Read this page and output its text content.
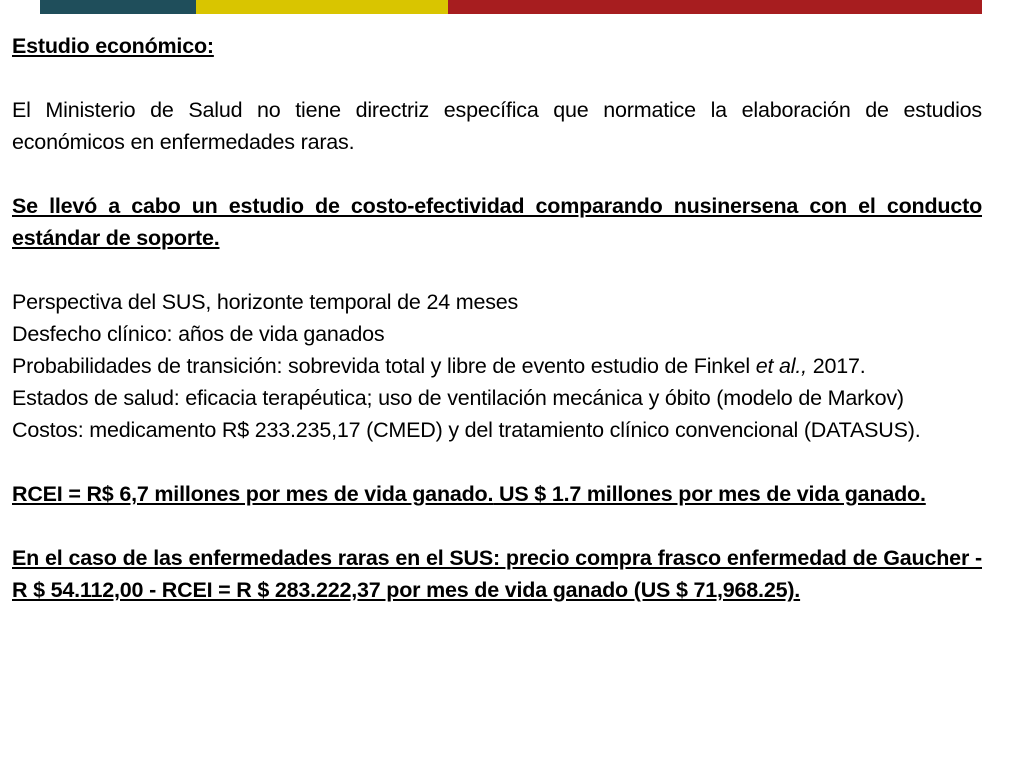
Estudio económico:

El Ministerio de Salud no tiene directriz específica que normatice la elaboración de estudios económicos en enfermedades raras.

Se llevó a cabo un estudio de costo-efectividad comparando nusinersena con el conducto estándar de soporte.

Perspectiva del SUS, horizonte temporal de 24 meses

Desfecho clínico: años de vida ganados

Probabilidades de transición: sobrevida total y libre de evento estudio de Finkel et al., 2017.

Estados de salud: eficacia terapéutica; uso de ventilación mecánica y óbito (modelo de Markov)

Costos: medicamento R$ 233.235,17 (CMED) y del tratamiento clínico convencional (DATASUS).

RCEI = R$ 6,7 millones por mes de vida ganado. US $ 1.7 millones por mes de vida ganado.

En el caso de las enfermedades raras en el SUS: precio compra frasco enfermedad de Gaucher - R $ 54.112,00 - RCEI = R $ 283.222,37 por mes de vida ganado (US $ 71,968.25).
